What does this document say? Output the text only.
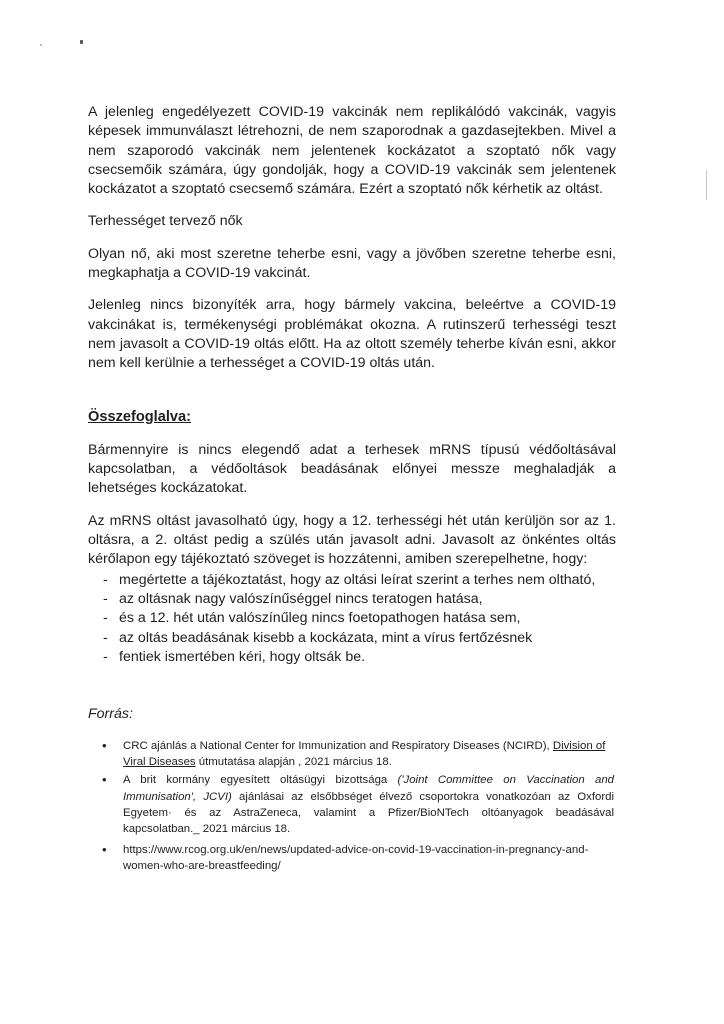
A jelenleg engedélyezett COVID-19 vakcinák nem replikálódó vakcinák, vagyis képesek immunválaszt létrehozni, de nem szaporodnak a gazdasejtekben. Mivel a nem szaporodó vakcinák nem jelentenek kockázatot a szoptató nők vagy csecsemőik számára, úgy gondolják, hogy a COVID-19 vakcinák sem jelentenek kockázatot a szoptató csecsemő számára. Ezért a szoptató nők kérhetik az oltást.

Terhességet tervező nők

Olyan nő, aki most szeretne teherbe esni, vagy a jövőben szeretne teherbe esni, megkaphatja a COVID-19 vakcinát.

Jelenleg nincs bizonyíték arra, hogy bármely vakcina, beleértve a COVID-19 vakcinákat is, termékenységi problémákat okozna. A rutinszerű terhességi teszt nem javasolt a COVID-19 oltás előtt. Ha az oltott személy teherbe kíván esni, akkor nem kell kerülnie a terhességet a COVID-19 oltás után.

Összefoglalva:

Bármennyire is nincs elegendő adat a terhesek mRNS típusú védőoltásával kapcsolatban, a védőoltások beadásának előnyei messze meghaladják a lehetséges kockázatokat.

Az mRNS oltást javasolható úgy, hogy a 12. terhességi hét után kerüljön sor az 1. oltásra, a 2. oltást pedig a szülés után javasolt adni. Javasolt az önkéntes oltás kérőlapon egy tájékoztató szöveget is hozzátenni, amiben szerepelhetne, hogy:

- megértette a tájékoztatást, hogy az oltási leírat szerint a terhes nem oltható,
- az oltásnak nagy valószínűséggel nincs teratogen hatása,
- és a 12. hét után valószínűleg nincs foetopathogen hatása sem,
- az oltás beadásának kisebb a kockázata, mint a vírus fertőzésnek
- fentiek ismertében kéri, hogy oltsák be.

Forrás:

• CRC ajánlás a National Center for Immunization and Respiratory Diseases (NCIRD), Division of Viral Diseases útmutatása alapján , 2021 március 18.
• A brit kormány egyesített oltásügyi bizottsága ('Joint Committee on Vaccination and Immunisation', JCVI) ajánlásai az elsőbbséget élvező csoportokra vonatkozóan az Oxfordi Egyetem· és az AstraZeneca, valamint a Pfizer/BioNTech oltóanyagok beadásával kapcsolatban._ 2021 március 18.
• https://www.rcog.org.uk/en/news/updated-advice-on-covid-19-vaccination-in-pregnancy-and-women-who-are-breastfeeding/
